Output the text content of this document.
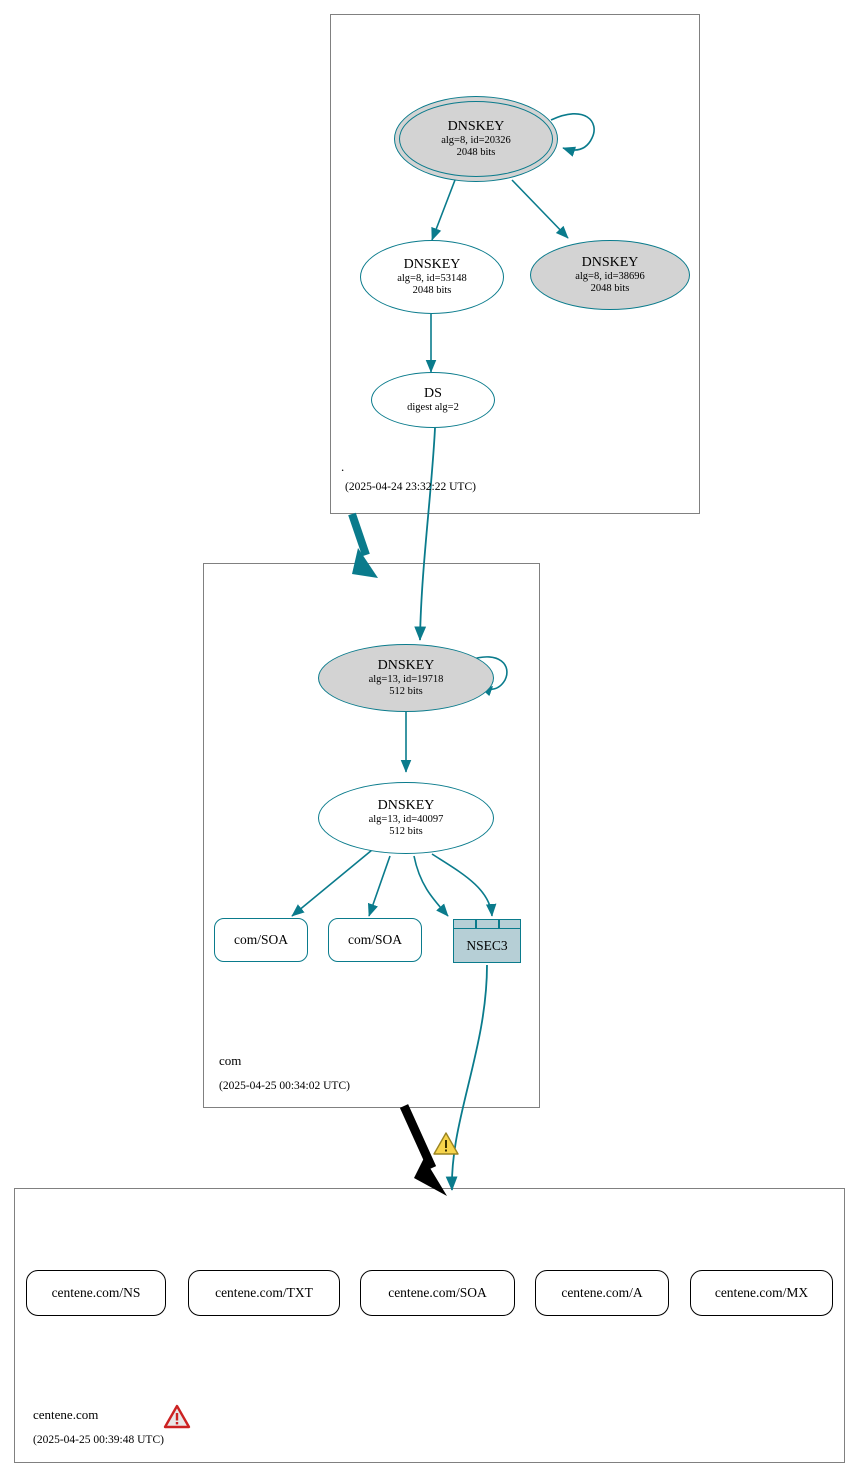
DNSKEY
alg=8, id=20326
2048 bits
DNSKEY
alg=8, id=53148
2048 bits
DNSKEY
alg=8, id=38696
2048 bits
DS
digest alg=2
.
(2025-04-24 23:32:22 UTC)
DNSKEY
alg=13, id=19718
512 bits
DNSKEY
alg=13, id=40097
512 bits
com/SOA	com/SOA	NSEC3
com
(2025-04-25 00:34:02 UTC)
centene.com/NS	centene.com/TXT	centene.com/SOA	centene.com/A	centene.com/MX
centene.com
(2025-04-25 00:39:48 UTC)
